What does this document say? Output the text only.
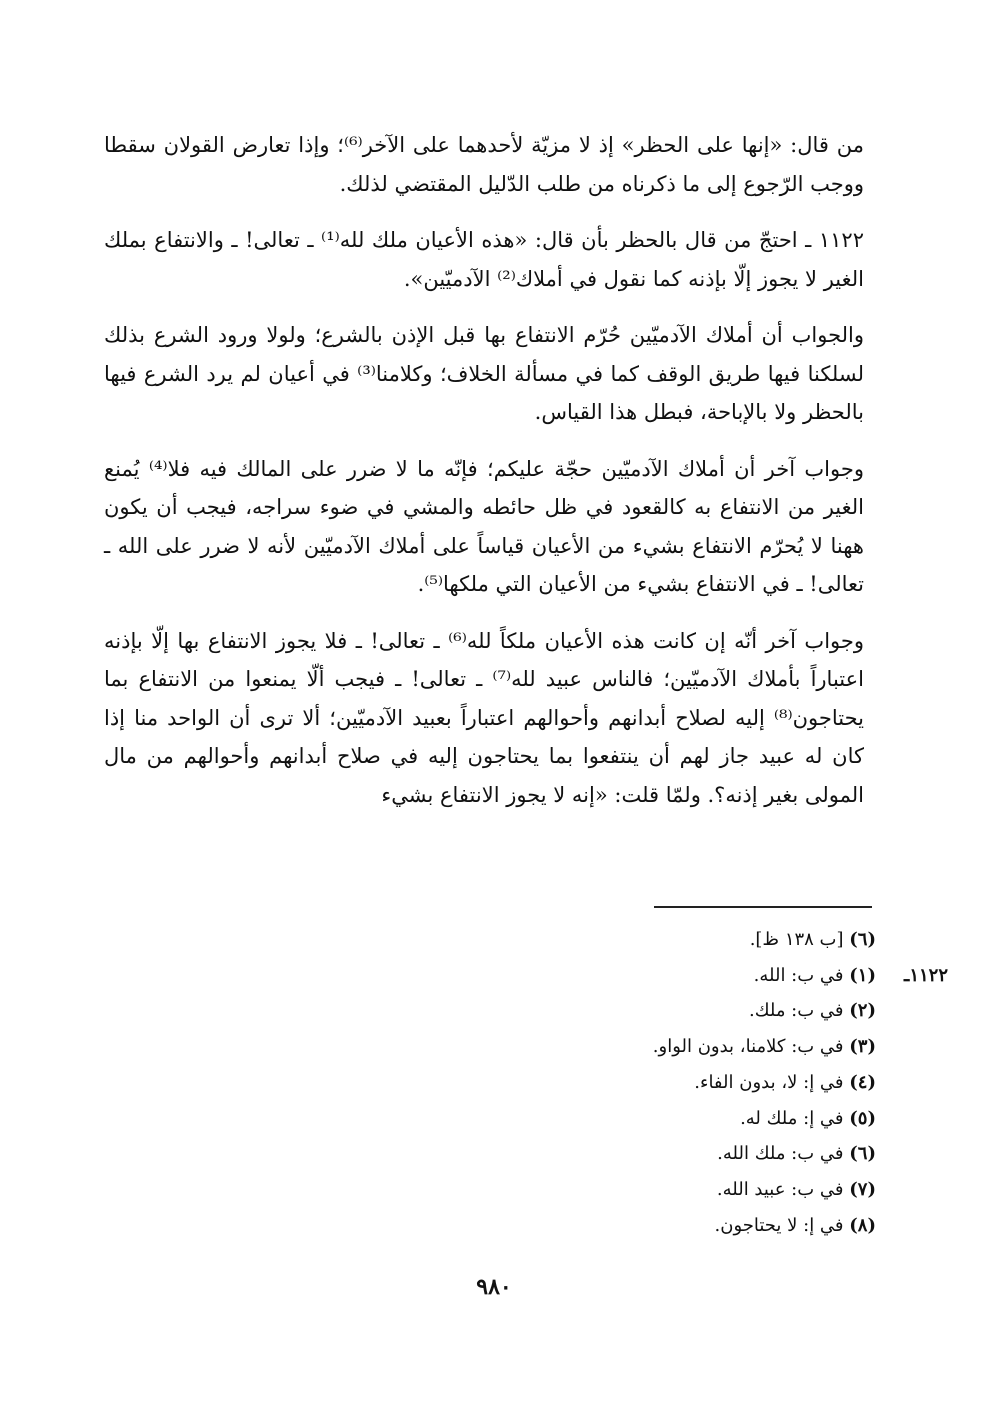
من قال: «إنها على الحظر» إذ لا مزيّة لأحدهما على الآخر⁽⁶⁾؛ وإذا تعارض القولان سقطا ووجب الرّجوع إلى ما ذكرناه من طلب الدّليل المقتضي لذلك.

١١٢٢ ـ احتجّ من قال بالحظر بأن قال: «هذه الأعيان ملك لله⁽¹⁾ ـ تعالى! ـ والانتفاع بملك الغير لا يجوز إلّا بإذنه كما نقول في أملاك⁽²⁾ الآدميّين».

والجواب أن أملاك الآدميّين حُرّم الانتفاع بها قبل الإذن بالشرع؛ ولولا ورود الشرع بذلك لسلكنا فيها طريق الوقف كما في مسألة الخلاف؛ وكلامنا⁽³⁾ في أعيان لم يرد الشرع فيها بالحظر ولا بالإباحة، فبطل هذا القياس.

وجواب آخر أن أملاك الآدميّين حجّة عليكم؛ فإنّه ما لا ضرر على المالك فيه فلا⁽⁴⁾ يُمنع الغير من الانتفاع به كالقعود في ظل حائطه والمشي في ضوء سراجه، فيجب أن يكون ههنا لا يُحرّم الانتفاع بشيء من الأعيان قياساً على أملاك الآدميّين لأنه لا ضرر على الله ـ تعالى! ـ في الانتفاع بشيء من الأعيان التي ملكها⁽⁵⁾.

وجواب آخر أنّه إن كانت هذه الأعيان ملكاً لله⁽⁶⁾ ـ تعالى! ـ فلا يجوز الانتفاع بها إلّا بإذنه اعتباراً بأملاك الآدميّين؛ فالناس عبيد لله⁽⁷⁾ ـ تعالى! ـ فيجب ألّا يمنعوا من الانتفاع بما يحتاجون⁽⁸⁾ إليه لصلاح أبدانهم وأحوالهم اعتباراً بعبيد الآدميّين؛ ألا ترى أن الواحد منا إذا كان له عبيد جاز لهم أن ينتفعوا بما يحتاجون إليه في صلاح أبدانهم وأحوالهم من مال المولى بغير إذنه؟. ولمّا قلت: «إنه لا يجوز الانتفاع بشيء

(٦) [ب ١٣٨ ظ].
١١٢٢ـ
(١) في ب: الله.
(٢) في ب: ملك.
(٣) في ب: كلامنا، بدون الواو.
(٤) في إ: لا، بدون الفاء.
(٥) في إ: ملك له.
(٦) في ب: ملك الله.
(٧) في ب: عبيد الله.
(٨) في إ: لا يحتاجون.
٩٨٠
